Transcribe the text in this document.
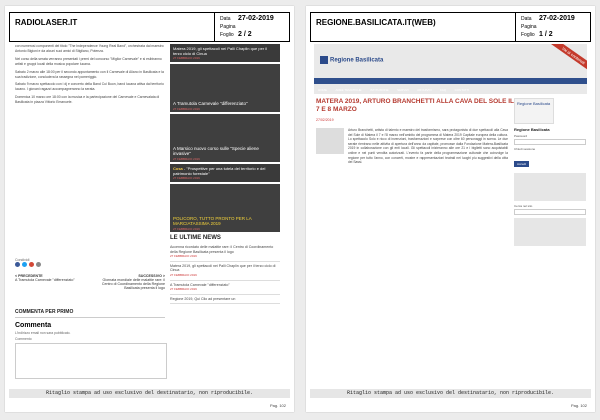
RADIOLASER.IT	Data 27-02-2019
Pagina
Foglio 2 / 2

con numerosi componenti del titolo "The Independence Young Real Band", orchestrata dal maestro Antonio Bigioni e da alcuni suoi amici di Stigliano, Potenza.

Nel corso della serata verranno presentati i premi del concorso "Miglior Carnevale" e si esibiranno artisti e gruppi locali della musica popolare lucana.

Sabato 2 marzo alle 18:00 per il secondo appuntamento con Il Carnevale di Aliano in Basilicata e la sua tradizione, concludera la rassegna nel pomeriggio.

Sabato 9 marzo spettacolo con i dj e concerto della Band Cui Buon, band lucana attiva dal territorio lucano. I giovani ragazzi accompagneranno la serata.

Domenica 10 marzo ore 18:00 con la musica e la partecipazione del Carnevale e Carnevalata di Basilicata in piazza Vittorio Emanuele.

Matera 2019, gli spettacoli nei Palli Chaplin que per il terzo ciclo di Cinua
27 FEBBRAIO 2019
A Tramutola Carnevale "differenziato"
27 FEBBRAIO 2019
A Marsico nuovo corso sulle "Specie aliene invasive"
27 FEBBRAIO 2019
Cosa - "Prospettive per una tutela del territorio e del patrimonio forestale"
27 FEBBRAIO 2019
POLICORO, TUTTO PRONTO PER LA MARCIATASSIMA 2019
27 FEBBRAIO 2019
LE ULTIME NEWS
Accenna ricordato delle malattie rare: il Centro di Coordinamento della Regione Basilicata presenta il logo
27 FEBBRAIO 2019
Matera 2019, gli spettacoli nei Palli Chaplin que per il terzo ciclo di Cinua
27 FEBBRAIO 2019
A Tramutola Carnevale "differenziato"
27 FEBBRAIO 2019
Regione 2019, Qui Clio ad presentare un
Condividi
< PRECEDENTE
A Tramutola Carnevale "differenziato"
SUCCESSIVO >
Giornata mondiale delle malattie rare: il Centro di Coordinamento della Regione Basilicata presenta il logo
COMMENTA PER PRIMO
Commenta
L'indirizzo email non sara pubblicato.
Commento
Ritaglio stampa ad uso esclusivo del destinatario, non riproducibile.
Pag. 102
REGIONE.BASILICATA.IT(WEB)	Data 27-02-2019
Pagina
Foglio 1 / 2
Regione Basilicata	Vai ai contenuti
HOME	AREE TEMATICHE	ISTITUZIONE	SERVIZI	ARCHIVIO	FAQ	CONTATTI
MATERA 2019, ARTURO BRANCHETTI ALLA CAVA DEL SOLE IL 7 E 8 MARZO
27/02/2019
Arturo Branchetti, artista di talento e maestro del trasformismo, sara protagonista di due spettacoli alla Cava del Sole di Matera il 7 e l'8 marzo nell'ambito del programma di Matera 2019 Capitale europea della cultura. Lo spettacolo Solo e ricco di invenzioni, trasformazioni e sorprese con oltre 60 personaggi in scena. Le due serate rientrano nelle attivita di apertura dell'anno da capitale, promosse dalla Fondazione Matera-Basilicata 2019 in collaborazione con gli enti locali. Gli spettacoli inizieranno alle ore 21 e i biglietti sono acquistabili online e nei punti vendita autorizzati. L'evento fa parte della programmazione culturale che coinvolge la regione per tutto l'anno, con concerti, mostre e rappresentazioni teatrali nei luoghi piu suggestivi della citta dei Sassi.
Regione Basilicata
Regione Basilicata
Password
Chiudi sessione
Accedi
Cerca nel sito
Ritaglio stampa ad uso esclusivo del destinatario, non riproducibile.
Pag. 102
